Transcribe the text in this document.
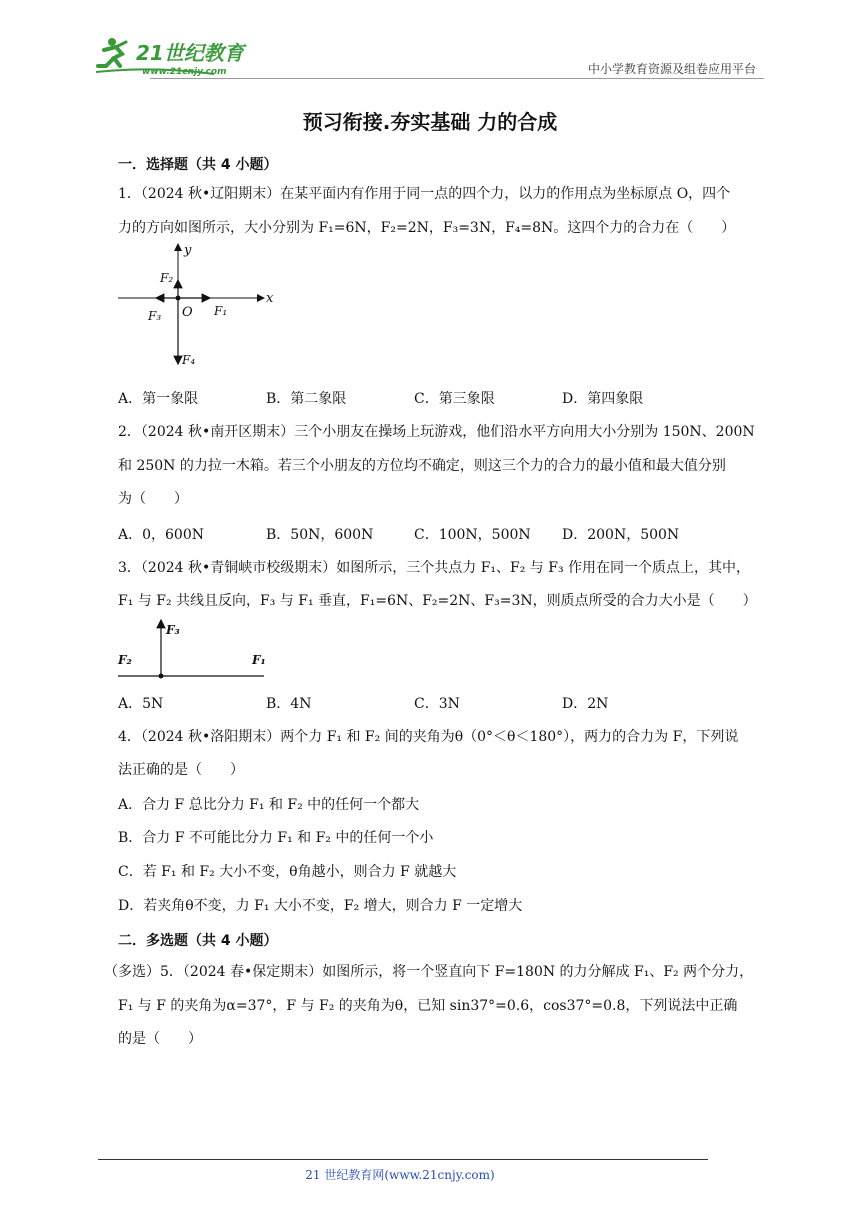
21世纪教育
www.21cnjy.com	中小学教育资源及组卷应用平台
预习衔接.夯实基础 力的合成
一．选择题（共 4 小题）
1．（2024 秋•辽阳期末）在某平面内有作用于同一点的四个力，以力的作用点为坐标原点 O，四个
力的方向如图所示，大小分别为 F₁=6N，F₂=2N，F₃=3N，F₄=8N。这四个力的合力在（　　）
y
x
O
F₂
F₁
F₃
F₄
A．第一象限	B．第二象限	C．第三象限	D．第四象限
2．（2024 秋•南开区期末）三个小朋友在操场上玩游戏，他们沿水平方向用大小分别为 150N、200N
和 250N 的力拉一木箱。若三个小朋友的方位均不确定，则这三个力的合力的最小值和最大值分别
为（　　）
A．0，600N	B．50N，600N	C．100N，500N D．200N，500N
3．（2024 秋•青铜峡市校级期末）如图所示，三个共点力 F₁、F₂ 与 F₃ 作用在同一个质点上，其中，
F₁ 与 F₂ 共线且反向，F₃ 与 F₁ 垂直，F₁=6N、F₂=2N、F₃=3N，则质点所受的合力大小是（　　）
F₃
F₂	F₁
A．5N	B．4N	C．3N	D．2N
4．（2024 秋•洛阳期末）两个力 F₁ 和 F₂ 间的夹角为θ（0°＜θ＜180°），两力的合力为 F，下列说
法正确的是（　　）
A．合力 F 总比分力 F₁ 和 F₂ 中的任何一个都大
B．合力 F 不可能比分力 F₁ 和 F₂ 中的任何一个小
C．若 F₁ 和 F₂ 大小不变，θ角越小，则合力 F 就越大
D．若夹角θ不变，力 F₁ 大小不变，F₂ 增大，则合力 F 一定增大
二．多选题（共 4 小题）
（多选）5．（2024 春•保定期末）如图所示，将一个竖直向下 F=180N 的力分解成 F₁、F₂ 两个分力，
F₁ 与 F 的夹角为α=37°，F 与 F₂ 的夹角为θ，已知 sin37°=0.6，cos37°=0.8，下列说法中正确
的是（　　）
21 世纪教育网(www.21cnjy.com)
